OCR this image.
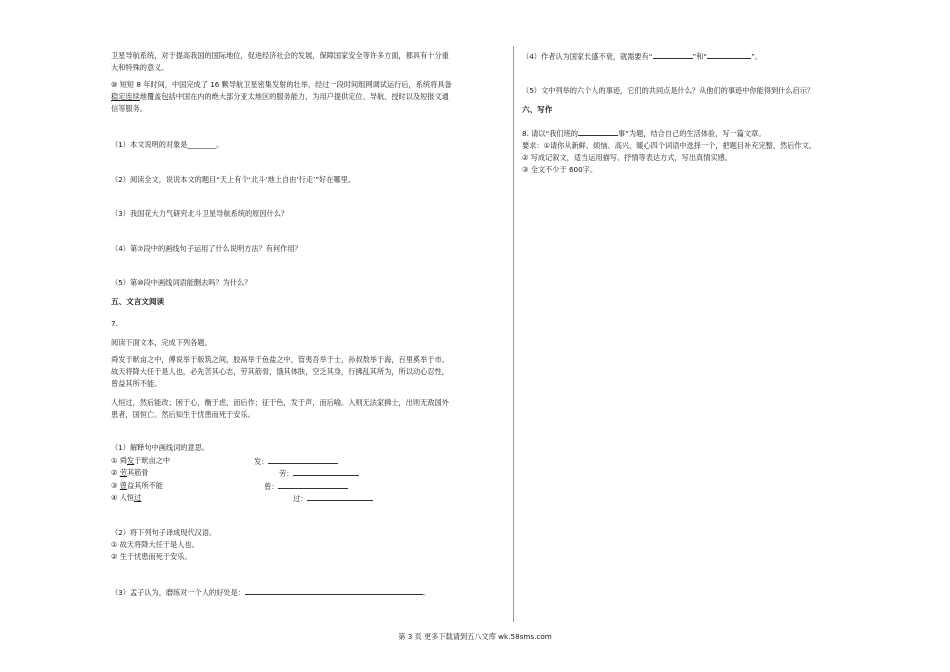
卫星导航系统，对于提高我国的国际地位，促进经济社会的发展，保障国家安全等许多方面，都具有十分重

大和特殊的意义。

⑩ 短短 8 年时间，中国完成了 16 颗导航卫星密集发射的壮举，经过一段时间组网调试运行后，系统将具备

稳定连续地覆盖包括中国在内的绝大部分亚太地区的服务能力，为用户提供定位、导航、授时以及短报文通

信等服务。

（1）本文说明的对象是________。

（2）阅读全文，说说本文的题目“天上有个‘北斗’地上自由‘行走’”好在哪里。

（3）我国花大力气研究北斗卫星导航系统的原因什么？

（4）第⑦段中的画线句子运用了什么说明方法？有何作用？

（5）第⑩段中画线词语能删去吗？为什么？

五、文言文阅读

7.

阅读下面文本，完成下列各题。

舜发于畎亩之中，傅说举于版筑之间，胶鬲举于鱼盐之中，管夷吾举于士，孙叔敖举于海，百里奚举于市。

故天将降大任于是人也，必先苦其心志，劳其筋骨，饿其体肤，空乏其身，行拂乱其所为，所以动心忍性，

曾益其所不能。

人恒过，然后能改；困于心，衡于虑，而后作；征于色，发于声，而后喻。入则无法家拂士，出则无敌国外

患者，国恒亡。然后知生于忧患而死于安乐。

（1）解释句中画线词的意思。

① 舜发于畎亩之中	发：

② 劳其筋骨	劳：

③ 曾益其所不能	曾：

④ 人恒过	过：

（2）将下列句子译成现代汉语。

① 故天将降大任于是人也。

② 生于忧患而死于安乐。

（3）孟子认为，磨练对一个人的好处是：	。

（4）作者认为国家长盛不衰，就需要有“	”和“	”。

（5）文中列举的六个人的事迹，它们的共同点是什么？从他们的事迹中你能得到什么启示？

六、写作

8. 请以“我们班的	事”为题，结合自己的生活体验，写一篇文章。

要求：①请你从新鲜、烦恼、高兴、暖心四个词语中选择一个，把题目补充完整，然后作文。

② 写成记叙文，适当运用描写、抒情等表达方式，写出真情实感。

③ 全文不少于 600字。

第 3 页 更多下载请到五八文库 wk.58sms.com
